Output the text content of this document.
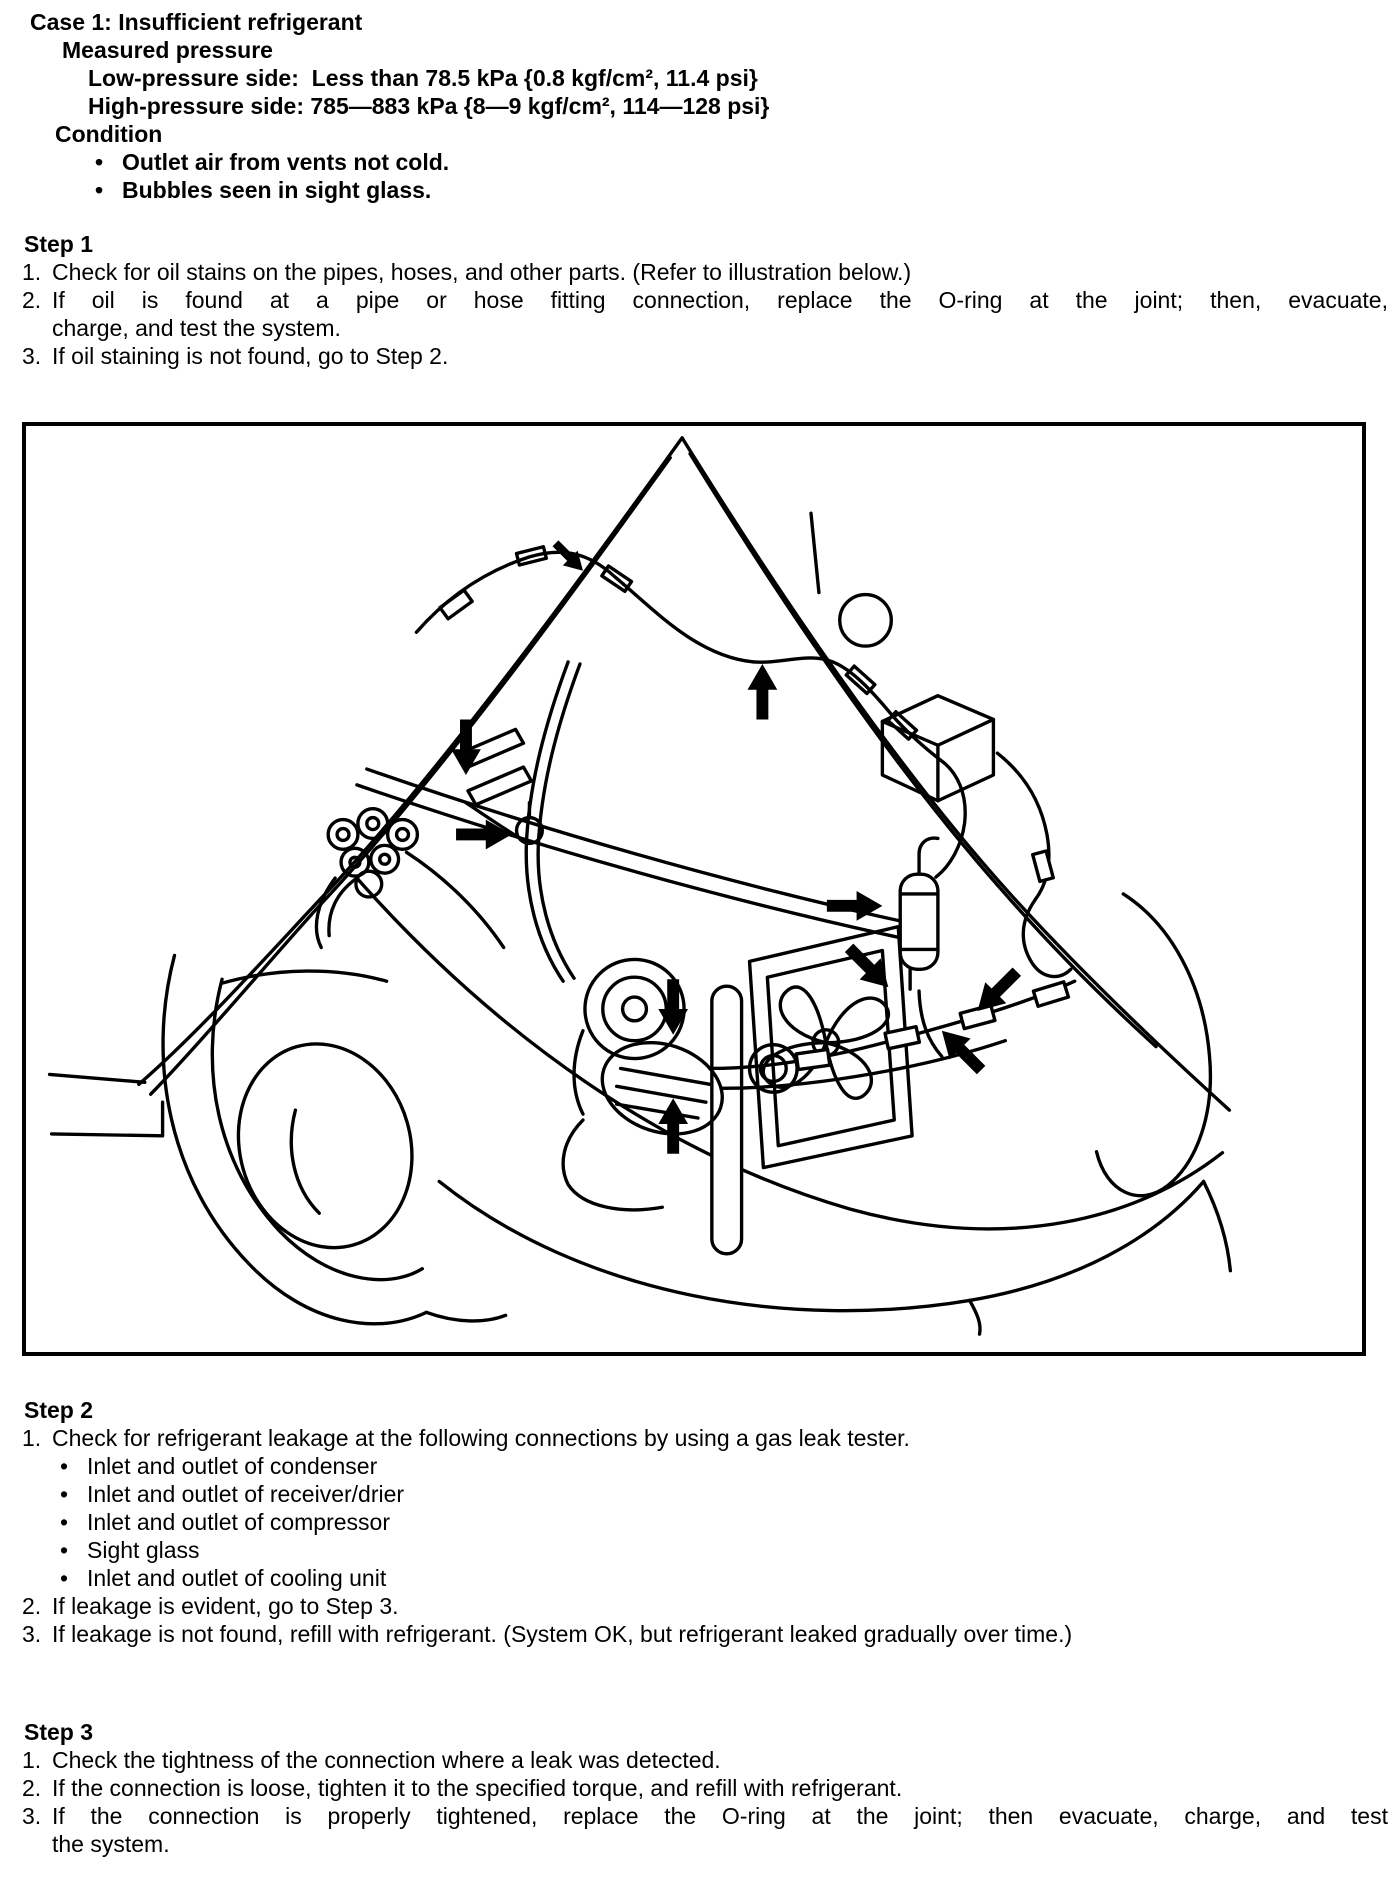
Case 1: Insufficient refrigerant
Measured pressure
Low-pressure side:  Less than 78.5 kPa {0.8 kgf/cm², 11.4 psi}
High-pressure side: 785—883 kPa {8—9 kgf/cm², 114—128 psi}
Condition
• Outlet air from vents not cold.
• Bubbles seen in sight glass.
Step 1
1. Check for oil stains on the pipes, hoses, and other parts. (Refer to illustration below.)
2. If oil is found at a pipe or hose fitting connection, replace the O-ring at the joint; then, evacuate,
charge, and test the system.
3. If oil staining is not found, go to Step 2.
Step 2
1. Check for refrigerant leakage at the following connections by using a gas leak tester.
• Inlet and outlet of condenser
• Inlet and outlet of receiver/drier
• Inlet and outlet of compressor
• Sight glass
• Inlet and outlet of cooling unit
2. If leakage is evident, go to Step 3.
3. If leakage is not found, refill with refrigerant. (System OK, but refrigerant leaked gradually over time.)
Step 3
1. Check the tightness of the connection where a leak was detected.
2. If the connection is loose, tighten it to the specified torque, and refill with refrigerant.
3. If the connection is properly tightened, replace the O-ring at the joint; then evacuate, charge, and test
the system.
